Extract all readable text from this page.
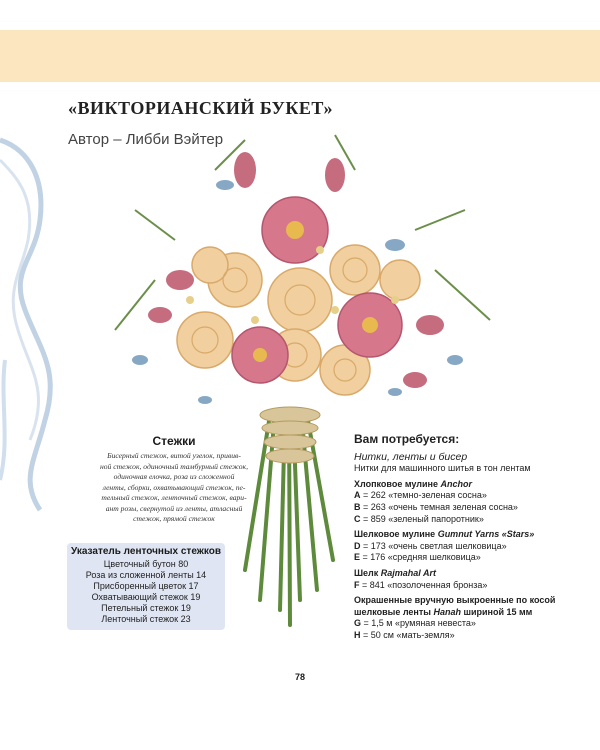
«ВИКТОРИАНСКИЙ БУКЕТ»
Автор – Либби Вэйтер
Стежки
Бисерный стежок, витой узелок, привив-
ной стежок, одиночный тамбурный стежок,
одиночная елочка, роза из сложенной
ленты, сборки, охватывающий стежок, пе-
тельный стежок, ленточный стежок, вари-
ант розы, свернутой из ленты, атласный
стежок, прямой стежок
Указатель ленточных стежков
Цветочный бутон 80
Роза из сложенной ленты 14
Присборенный цветок 17
Охватывающий стежок 19
Петельный стежок 19
Ленточный стежок 23
Вам потребуется:
Нитки, ленты и бисер
Нитки для машинного шитья в тон лентам
Хлопковое мулине Anchor
A = 262 «темно-зеленая сосна»
B = 263 «очень темная зеленая сосна»
C = 859 «зеленый папоротник»
Шелковое мулине Gumnut Yarns «Stars»
D = 173 «очень светлая шелковица»
E = 176 «средняя шелковица»
Шелк Rajmahal Art
F = 841 «позолоченная бронза»
Окрашенные вручную выкроенные по косой
шелковые ленты Hanah шириной 15 мм
G = 1,5 м «румяная невеста»
H = 50 см «мать-земля»
78
